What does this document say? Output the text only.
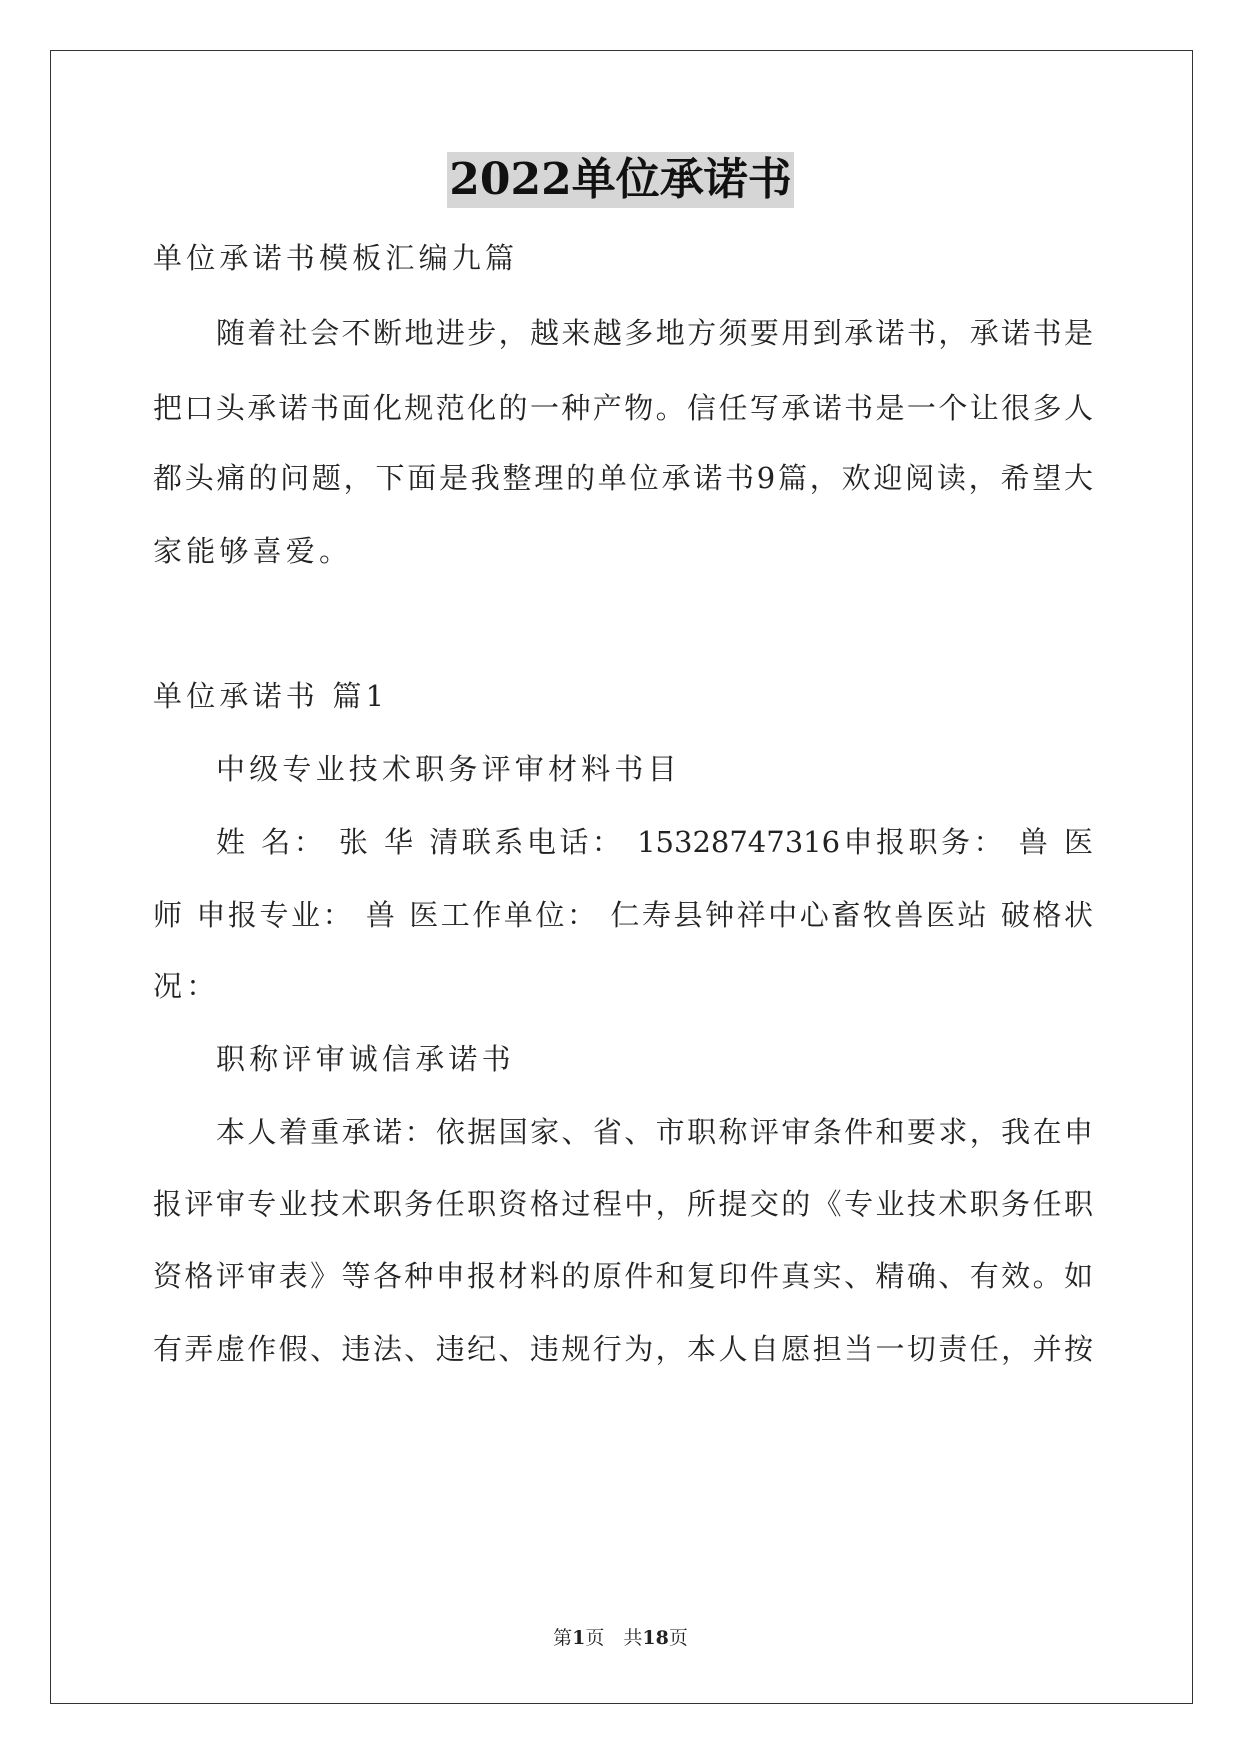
2022单位承诺书
单位承诺书模板汇编九篇
随着社会不断地进步，越来越多地方须要用到承诺书，承诺书是
把口头承诺书面化规范化的一种产物。信任写承诺书是一个让很多人
都头痛的问题，下面是我整理的单位承诺书9篇，欢迎阅读，希望大
家能够喜爱。
单位承诺书 篇1
中级专业技术职务评审材料书目
姓 名： 张 华 清联系电话： 15328747316申报职务： 兽 医
师 申报专业： 兽 医工作单位： 仁寿县钟祥中心畜牧兽医站 破格状
况：
职称评审诚信承诺书
本人着重承诺：依据国家、省、市职称评审条件和要求，我在申
报评审专业技术职务任职资格过程中，所提交的《专业技术职务任职
资格评审表》等各种申报材料的原件和复印件真实、精确、有效。如
有弄虚作假、违法、违纪、违规行为，本人自愿担当一切责任，并按
第1页　共18页
